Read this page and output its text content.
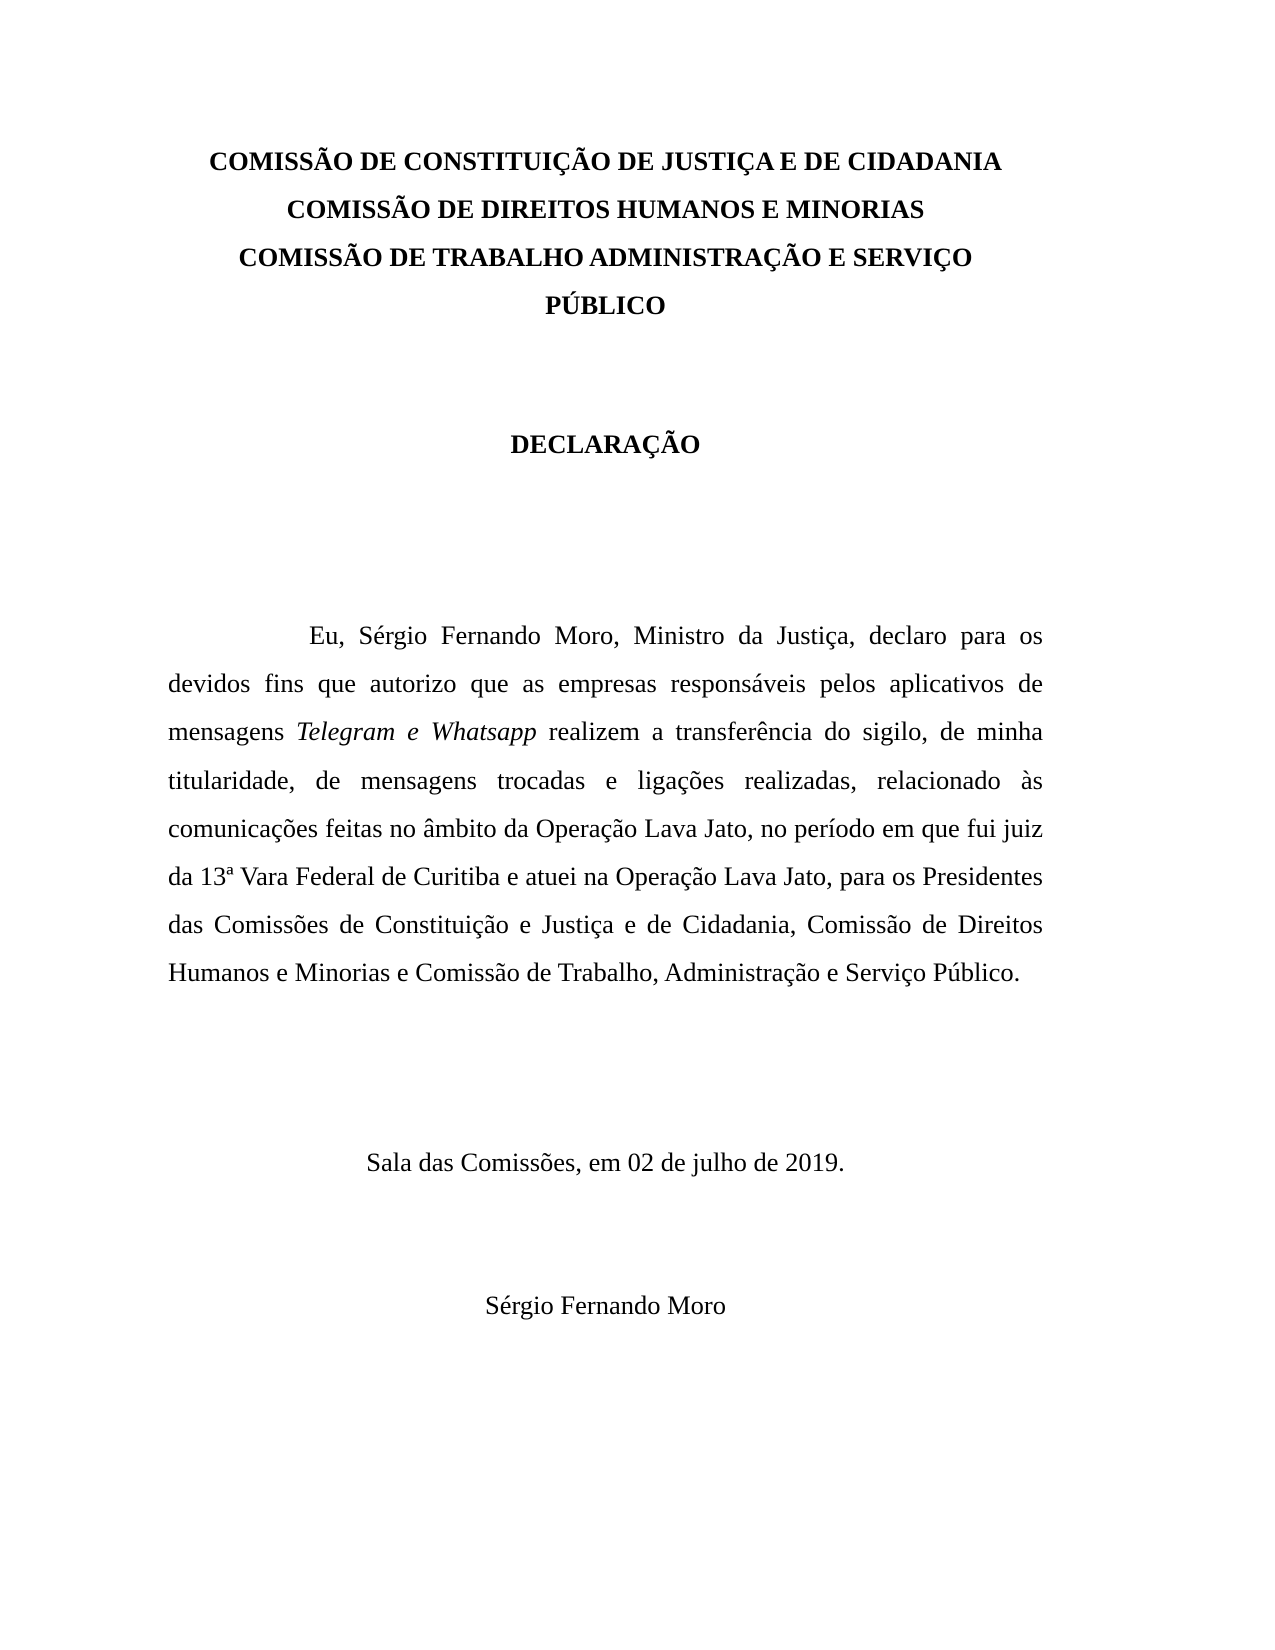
COMISSÃO DE CONSTITUIÇÃO DE JUSTIÇA E DE CIDADANIA
COMISSÃO DE DIREITOS HUMANOS E MINORIAS
COMISSÃO DE TRABALHO ADMINISTRAÇÃO E SERVIÇO
PÚBLICO
DECLARAÇÃO

Eu, Sérgio Fernando Moro, Ministro da Justiça, declaro para os devidos fins que autorizo que as empresas responsáveis pelos aplicativos de mensagens Telegram e Whatsapp realizem a transferência do sigilo, de minha titularidade, de mensagens trocadas e ligações realizadas, relacionado às comunicações feitas no âmbito da Operação Lava Jato, no período em que fui juiz da 13ª Vara Federal de Curitiba e atuei na Operação Lava Jato, para os Presidentes das Comissões de Constituição e Justiça e de Cidadania, Comissão de Direitos Humanos e Minorias e Comissão de Trabalho, Administração e Serviço Público.

Sala das Comissões, em 02 de julho de 2019.
Sérgio Fernando Moro
